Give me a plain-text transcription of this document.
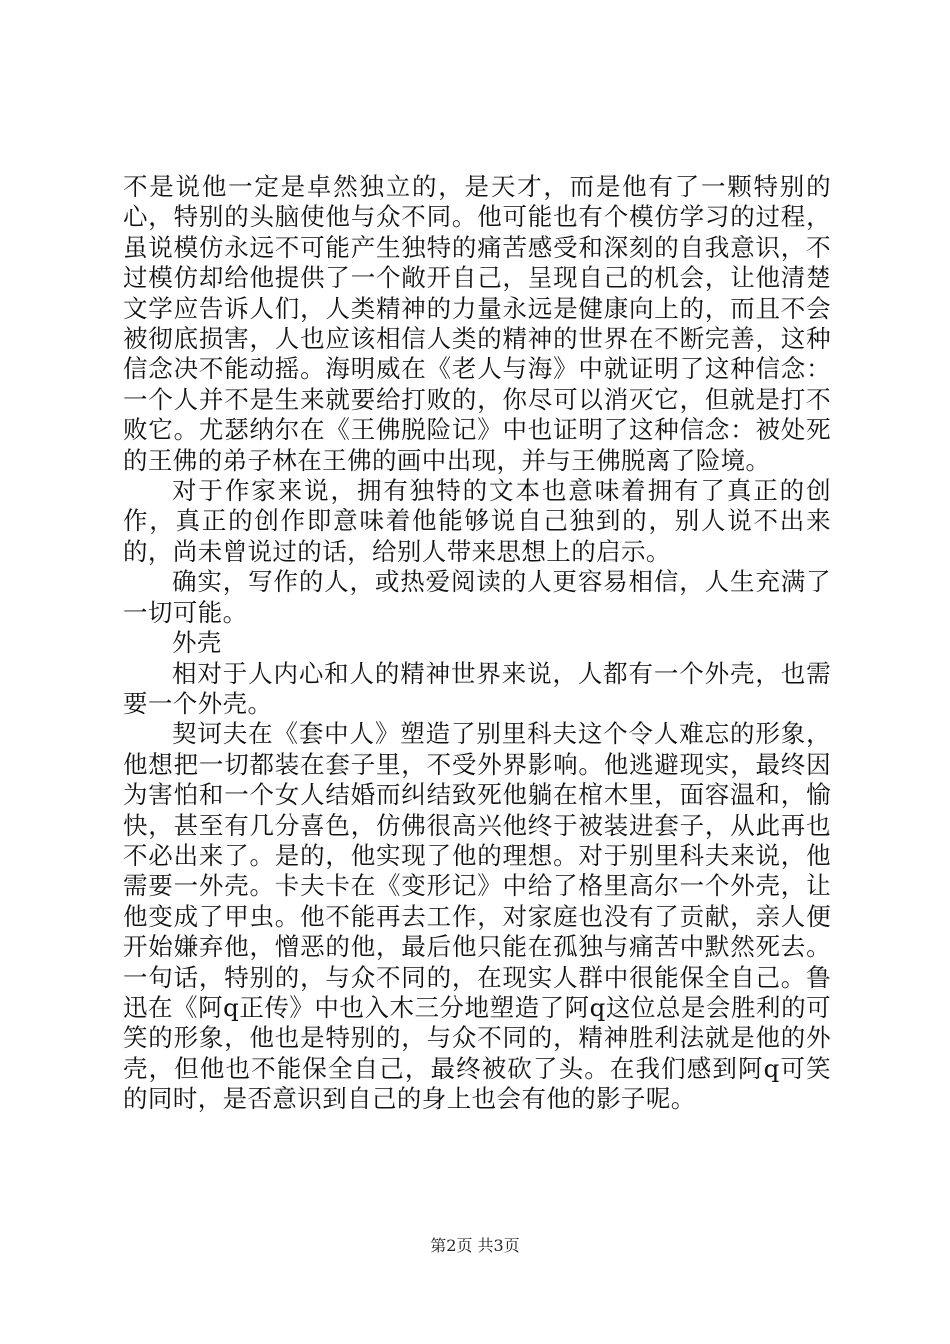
不是说他一定是卓然独立的，是天才，而是他有了一颗特别的心，特别的头脑使他与众不同。他可能也有个模仿学习的过程，虽说模仿永远不可能产生独特的痛苦感受和深刻的自我意识，不过模仿却给他提供了一个敞开自己，呈现自己的机会，让他清楚文学应告诉人们，人类精神的力量永远是健康向上的，而且不会被彻底损害，人也应该相信人类的精神的世界在不断完善，这种信念决不能动摇。海明威在《老人与海》中就证明了这种信念：一个人并不是生来就要给打败的，你尽可以消灭它，但就是打不败它。尤瑟纳尔在《王佛脱险记》中也证明了这种信念：被处死的王佛的弟子林在王佛的画中出现，并与王佛脱离了险境。

对于作家来说，拥有独特的文本也意味着拥有了真正的创作，真正的创作即意味着他能够说自己独到的，别人说不出来的，尚未曾说过的话，给别人带来思想上的启示。

确实，写作的人，或热爱阅读的人更容易相信，人生充满了一切可能。

外壳

相对于人内心和人的精神世界来说，人都有一个外壳，也需要一个外壳。

契诃夫在《套中人》塑造了别里科夫这个令人难忘的形象，他想把一切都装在套子里，不受外界影响。他逃避现实，最终因为害怕和一个女人结婚而纠结致死他躺在棺木里，面容温和，愉快，甚至有几分喜色，仿佛很高兴他终于被装进套子，从此再也不必出来了。是的，他实现了他的理想。对于别里科夫来说，他需要一外壳。卡夫卡在《变形记》中给了格里高尔一个外壳，让他变成了甲虫。他不能再去工作，对家庭也没有了贡献，亲人便开始嫌弃他，憎恶的他，最后他只能在孤独与痛苦中默然死去。一句话，特别的，与众不同的，在现实人群中很能保全自己。鲁迅在《阿q正传》中也入木三分地塑造了阿q这位总是会胜利的可笑的形象，他也是特别的，与众不同的，精神胜利法就是他的外壳，但他也不能保全自己，最终被砍了头。在我们感到阿q可笑的同时，是否意识到自己的身上也会有他的影子呢。

第2页 共3页
